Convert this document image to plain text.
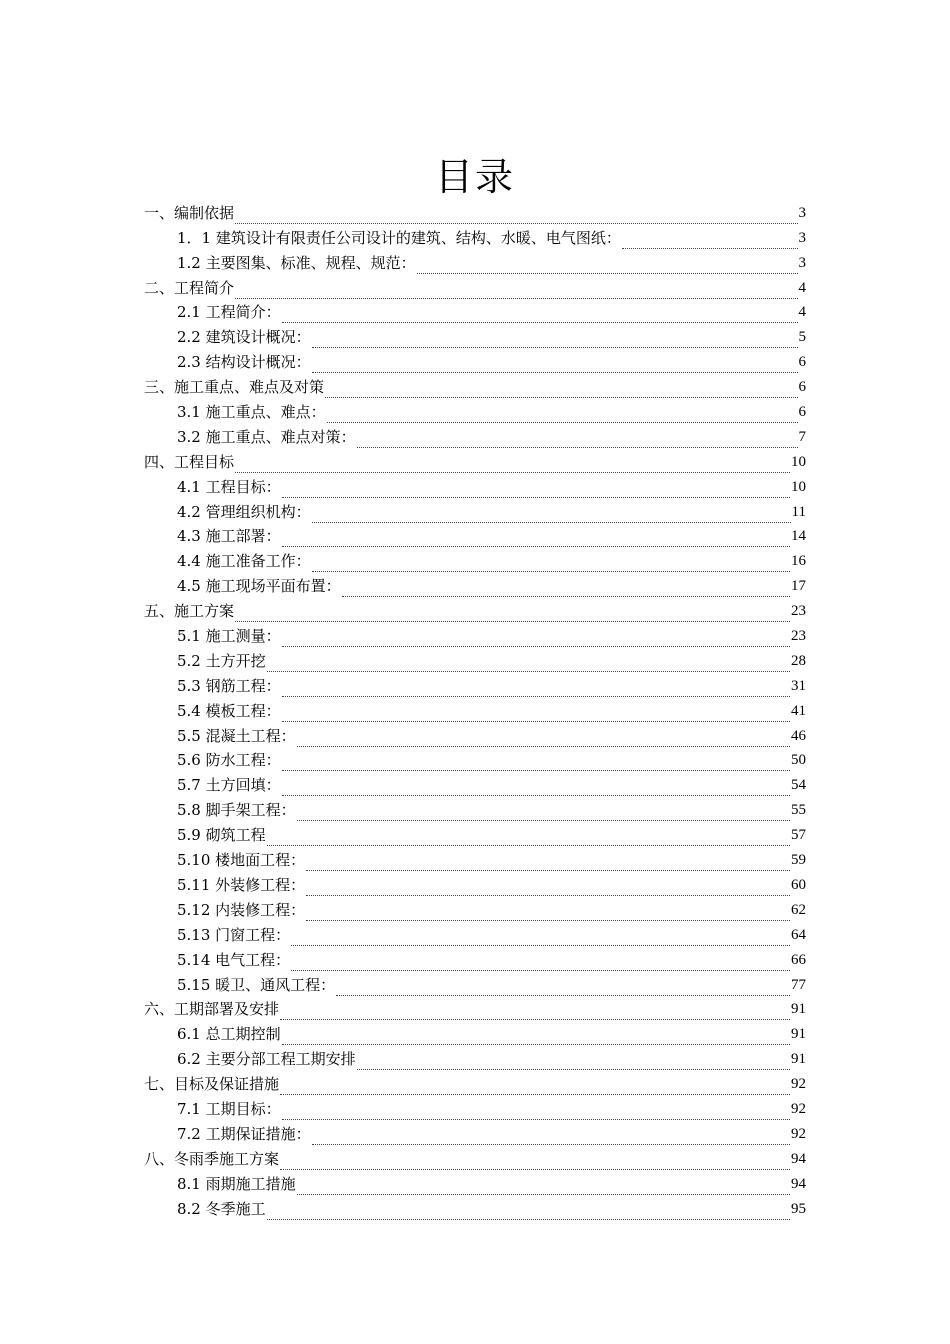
目录
一、编制依据	3
1．1 建筑设计有限责任公司设计的建筑、结构、水暖、电气图纸：	3
1.2 主要图集、标准、规程、规范：	3
二、工程简介	4
2.1 工程简介：	4
2.2 建筑设计概况：	5
2.3 结构设计概况：	6
三、施工重点、难点及对策	6
3.1 施工重点、难点：	6
3.2 施工重点、难点对策：	7
四、工程目标	10
4.1 工程目标：	10
4.2 管理组织机构：	11
4.3 施工部署：	14
4.4 施工准备工作：	16
4.5 施工现场平面布置：	17
五、施工方案	23
5.1 施工测量：	23
5.2 土方开挖	28
5.3 钢筋工程：	31
5.4 模板工程：	41
5.5 混凝土工程：	46
5.6 防水工程：	50
5.7 土方回填：	54
5.8 脚手架工程：	55
5.9 砌筑工程	57
5.10 楼地面工程：	59
5.11 外装修工程：	60
5.12 内装修工程：	62
5.13 门窗工程：	64
5.14 电气工程：	66
5.15 暖卫、通风工程：	77
六、工期部署及安排	91
6.1 总工期控制	91
6.2 主要分部工程工期安排	91
七、目标及保证措施	92
7.1 工期目标：	92
7.2 工期保证措施：	92
八、冬雨季施工方案	94
8.1 雨期施工措施	94
8.2 冬季施工	95
